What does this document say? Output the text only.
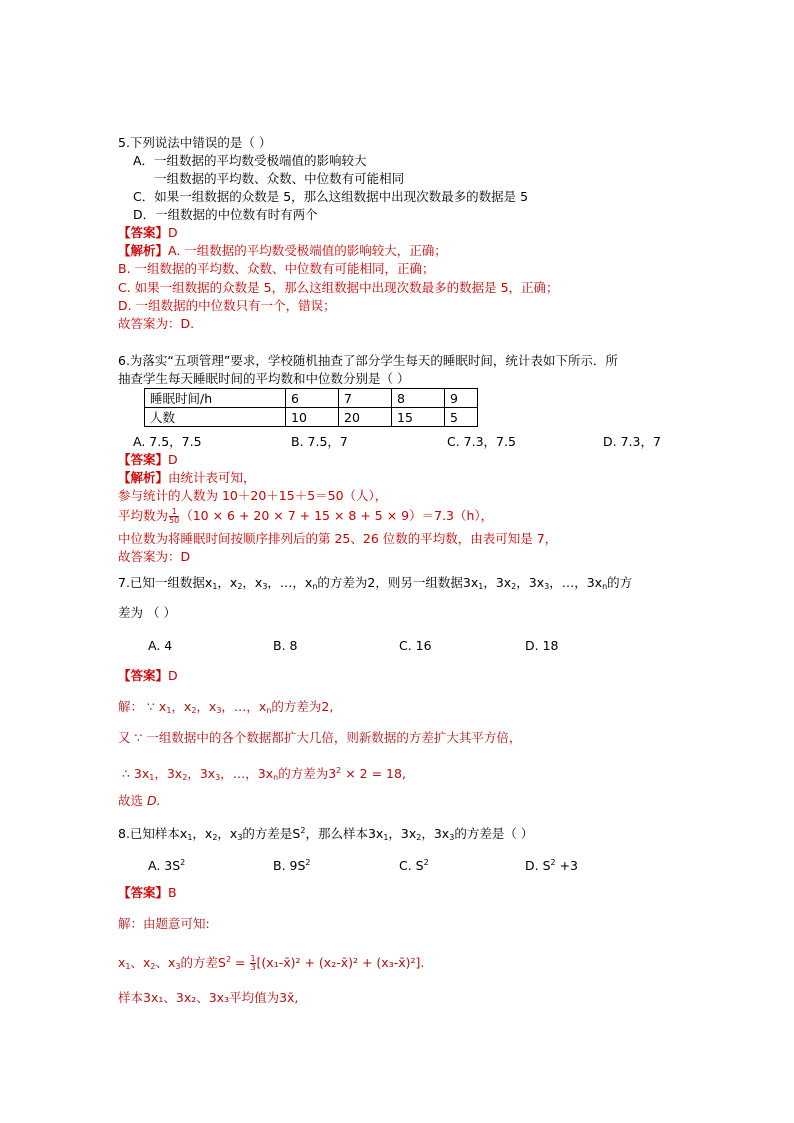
5.下列说法中错误的是（ ）
A．一组数据的平均数受极端值的影响较大
一组数据的平均数、众数、中位数有可能相同
C．如果一组数据的众数是 5，那么这组数据中出现次数最多的数据是 5
D．一组数据的中位数有时有两个
【答案】D
【解析】A. 一组数据的平均数受极端值的影响较大，正确；
B. 一组数据的平均数、众数、中位数有可能相同，正确；
C. 如果一组数据的众数是 5，那么这组数据中出现次数最多的数据是 5，正确；
D. 一组数据的中位数只有一个，错误；
故答案为：D.
6.为落实“五项管理”要求，学校随机抽查了部分学生每天的睡眠时间，统计表如下所示．所
抽查学生每天睡眠时间的平均数和中位数分别是（ ）
睡眠时间/h	6	7	8	9
人数	10	20	15	5
A. 7.5，7.5	B. 7.5，7	C. 7.3，7.5	D. 7.3，7
【答案】D
【解析】由统计表可知，
参与统计的人数为 10＋20＋15＋5＝50（人），
平均数为 $\frac{1}{50} (10 \times 6 + 20 \times 7 + 15 \times 8 + 5 \times 9)=7.3(h)$，
中位数为将睡眠时间按顺序排列后的第 25、26 位数的平均数，由表可知是 7，
故答案为：D
7.已知一组数据$x_1$，$x_2$，$x_3$，…，$x_n$的方差为2，则另一组数据$3x_1$，$3x_2$，$3x_3$，…，$3x_n$的方
差为 （ ）
A. 4	B. 8	C. 16	D. 18
【答案】D
解： ∵ $x_1$，$x_2$，$x_3$，…，$x_n$的方差为2,
又 ∵ 一组数据中的各个数据都扩大几倍，则新数据的方差扩大其平方倍，
∴ $3x_1$，$3x_2$，$3x_3$，…，$3x_n$的方差为$3^2 \times 2 = 18$,
故选 D.
8.已知样本$x_1$，$x_2$，$x_3$的方差是$S^2$，那么样本$3x_1$，$3x_2$，$3x_3$的方差是（ ）
A. $3S^2$	B. $9S^2$	C. $S^2$	D. $S^2 +3$
【答案】B
解：由题意可知:
$x_1$、$x_2$、$x_3$的方差$S^2 = \frac{1}{3}$ [(x₁-x̄)² + (x₂-x̄)² + (x₃-x̄)²].
样本3x₁、3x₂、3x₃平均值为3x̄,
